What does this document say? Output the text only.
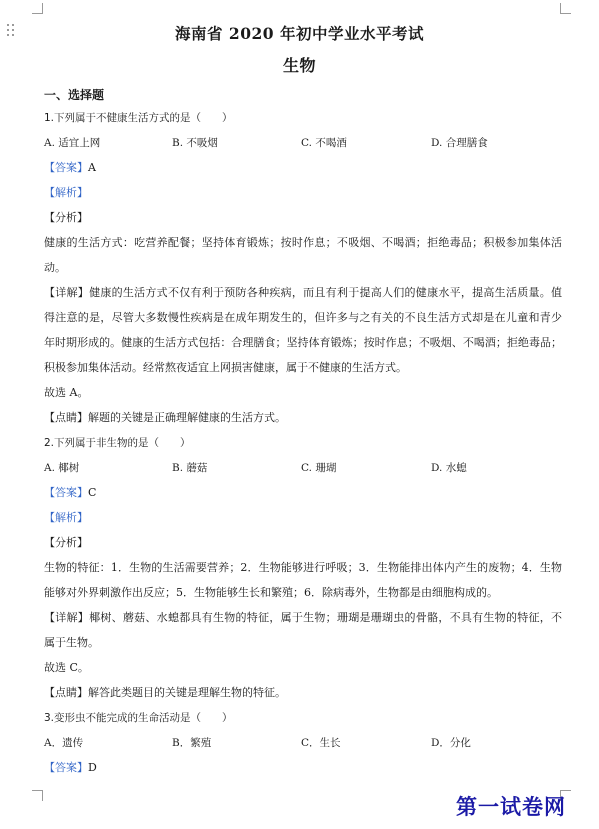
海南省 2020 年初中学业水平考试
生物
一、选择题
1.下列属于不健康生活方式的是（　　）
A. 适宜上网	B. 不吸烟	C. 不喝酒	D. 合理膳食
【答案】A
【解析】
【分析】
健康的生活方式：吃营养配餐；坚持体育锻炼；按时作息；不吸烟、不喝酒；拒绝毒品；积极参加集体活
动。
【详解】健康的生活方式不仅有利于预防各种疾病，而且有利于提高人们的健康水平，提高生活质量。值
得注意的是，尽管大多数慢性疾病是在成年期发生的，但许多与之有关的不良生活方式却是在儿童和青少
年时期形成的。健康的生活方式包括：合理膳食；坚持体育锻炼；按时作息；不吸烟、不喝酒；拒绝毒品；
积极参加集体活动。经常熬夜适宜上网损害健康，属于不健康的生活方式。
故选 A。
【点睛】解题的关键是正确理解健康的生活方式。
2.下列属于非生物的是（　　）
A. 椰树	B. 蘑菇	C. 珊瑚	D. 水螅
【答案】C
【解析】
【分析】
生物的特征：1．生物的生活需要营养；2．生物能够进行呼吸；3．生物能排出体内产生的废物；4．生物
能够对外界刺激作出反应；5．生物能够生长和繁殖；6．除病毒外，生物都是由细胞构成的。
【详解】椰树、蘑菇、水螅都具有生物的特征，属于生物；珊瑚是珊瑚虫的骨骼，不具有生物的特征，不
属于生物。
故选 C。
【点睛】解答此类题目的关键是理解生物的特征。
3.变形虫不能完成的生命活动是（　　）
A．遗传	B．繁殖	C．生长	D．分化
【答案】D
第一试卷网
